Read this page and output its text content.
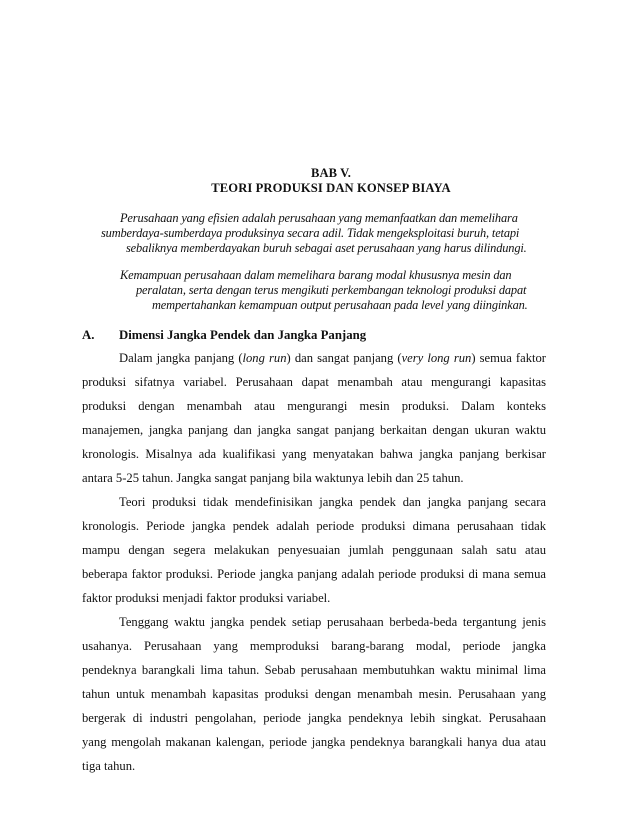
BAB V.
TEORI PRODUKSI DAN KONSEP BIAYA
Perusahaan yang efisien adalah perusahaan yang memanfaatkan dan memelihara
sumberdaya-sumberdaya produksinya secara adil. Tidak mengeksploitasi buruh, tetapi
sebaliknya memberdayakan buruh sebagai aset perusahaan yang harus dilindungi.
Kemampuan perusahaan dalam memelihara barang modal khususnya mesin dan
peralatan, serta dengan terus mengikuti perkembangan teknologi produksi dapat
mempertahankan kemampuan output perusahaan pada level yang diinginkan.
A. Dimensi Jangka Pendek dan Jangka Panjang
Dalam jangka panjang (long run) dan sangat panjang (very long run) semua faktor
produksi sifatnya variabel. Perusahaan dapat menambah atau mengurangi kapasitas
produksi dengan menambah atau mengurangi mesin produksi. Dalam konteks
manajemen, jangka panjang dan jangka sangat panjang berkaitan dengan ukuran waktu
kronologis. Misalnya ada kualifikasi yang menyatakan bahwa jangka panjang berkisar
antara 5-25 tahun. Jangka sangat panjang bila waktunya lebih dan 25 tahun.
Teori produksi tidak mendefinisikan jangka pendek dan jangka panjang secara
kronologis. Periode jangka pendek adalah periode produksi dimana perusahaan tidak
mampu dengan segera melakukan penyesuaian jumlah penggunaan salah satu atau
beberapa faktor produksi. Periode jangka panjang adalah periode produksi di mana semua
faktor produksi menjadi faktor produksi variabel.
Tenggang waktu jangka pendek setiap perusahaan berbeda-beda tergantung jenis
usahanya. Perusahaan yang memproduksi barang-barang modal, periode jangka
pendeknya barangkali lima tahun. Sebab perusahaan membutuhkan waktu minimal lima
tahun untuk menambah kapasitas produksi dengan menambah mesin. Perusahaan yang
bergerak di industri pengolahan, periode jangka pendeknya lebih singkat. Perusahaan
yang mengolah makanan kalengan, periode jangka pendeknya barangkali hanya dua atau
tiga tahun.
